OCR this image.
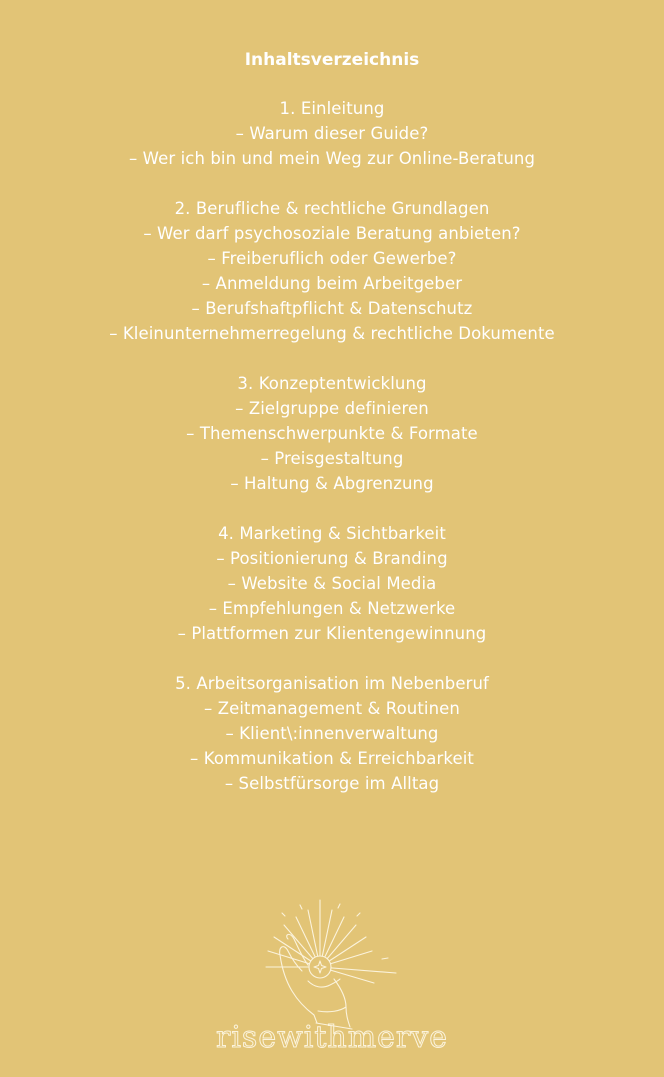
Inhaltsverzeichnis
1. Einleitung
– Warum dieser Guide?
– Wer ich bin und mein Weg zur Online-Beratung
2. Berufliche & rechtliche Grundlagen
– Wer darf psychosoziale Beratung anbieten?
– Freiberuflich oder Gewerbe?
– Anmeldung beim Arbeitgeber
– Berufshaftpflicht & Datenschutz
– Kleinunternehmerregelung & rechtliche Dokumente
3. Konzeptentwicklung
– Zielgruppe definieren
– Themenschwerpunkte & Formate
– Preisgestaltung
– Haltung & Abgrenzung
4. Marketing & Sichtbarkeit
– Positionierung & Branding
– Website & Social Media
– Empfehlungen & Netzwerke
– Plattformen zur Klientengewinnung
5. Arbeitsorganisation im Nebenberuf
– Zeitmanagement & Routinen
– Klient\:innenverwaltung
– Kommunikation & Erreichbarkeit
– Selbstfürsorge im Alltag
risewithmerve
